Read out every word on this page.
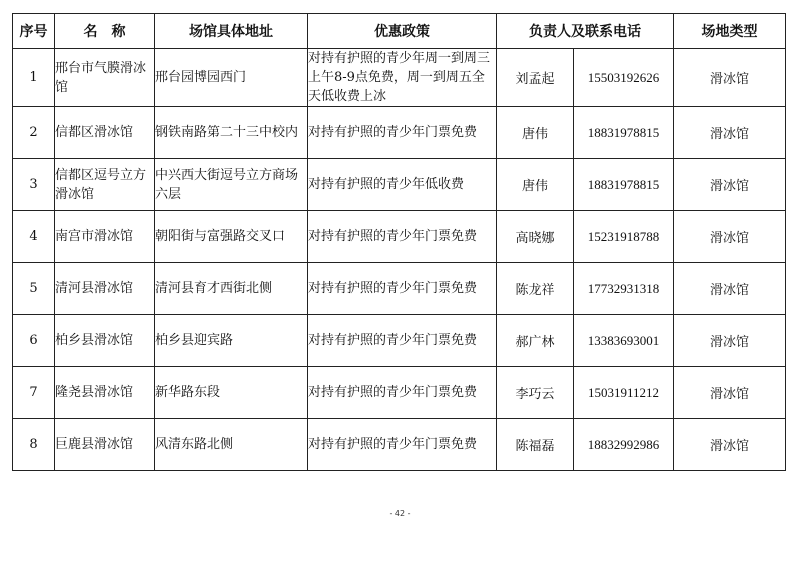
序号	名　称	场馆具体地址	优惠政策	负责人及联系电话		场地类型
1	邢台市气膜滑冰馆	邢台园博园西门	对持有护照的青少年周一到周三上午8-9点免费，周一到周五全天低收费上冰	刘孟起	15503192626	滑冰馆
2	信都区滑冰馆	钢铁南路第二十三中校内	对持有护照的青少年门票免费	唐伟	18831978815	滑冰馆
3	信都区逗号立方滑冰馆	中兴西大街逗号立方商场六层	对持有护照的青少年低收费	唐伟	18831978815	滑冰馆
4	南宫市滑冰馆	朝阳街与富强路交叉口	对持有护照的青少年门票免费	高晓娜	15231918788	滑冰馆
5	清河县滑冰馆	清河县育才西街北侧	对持有护照的青少年门票免费	陈龙祥	17732931318	滑冰馆
6	柏乡县滑冰馆	柏乡县迎宾路	对持有护照的青少年门票免费	郝广林	13383693001	滑冰馆
7	隆尧县滑冰馆	新华路东段	对持有护照的青少年门票免费	李巧云	15031911212	滑冰馆
8	巨鹿县滑冰馆	风清东路北侧	对持有护照的青少年门票免费	陈福磊	18832992986	滑冰馆
- 42 -
